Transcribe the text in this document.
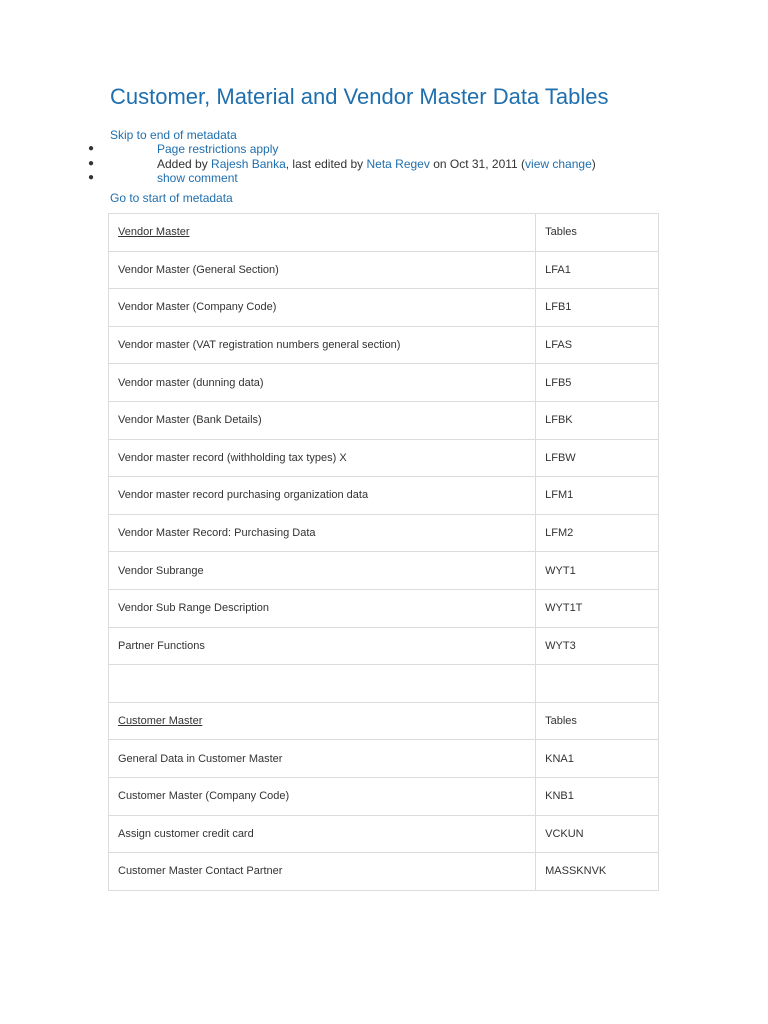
Customer, Material and Vendor Master Data Tables
Skip to end of metadata
●	Page restrictions apply
●	Added by Rajesh Banka, last edited by Neta Regev on Oct 31, 2011 (view change)
●	show comment
Go to start of metadata
Vendor Master	Tables
Vendor Master (General Section)	LFA1
Vendor Master (Company Code)	LFB1
Vendor master (VAT registration numbers general section)	LFAS
Vendor master (dunning data)	LFB5
Vendor Master (Bank Details)	LFBK
Vendor master record (withholding tax types) X	LFBW
Vendor master record purchasing organization data	LFM1
Vendor Master Record: Purchasing Data	LFM2
Vendor Subrange	WYT1
Vendor Sub Range Description	WYT1T
Partner Functions	WYT3

Customer Master	Tables
General Data in Customer Master	KNA1
Customer Master (Company Code)	KNB1
Assign customer credit card	VCKUN
Customer Master Contact Partner	MASSKNVK
